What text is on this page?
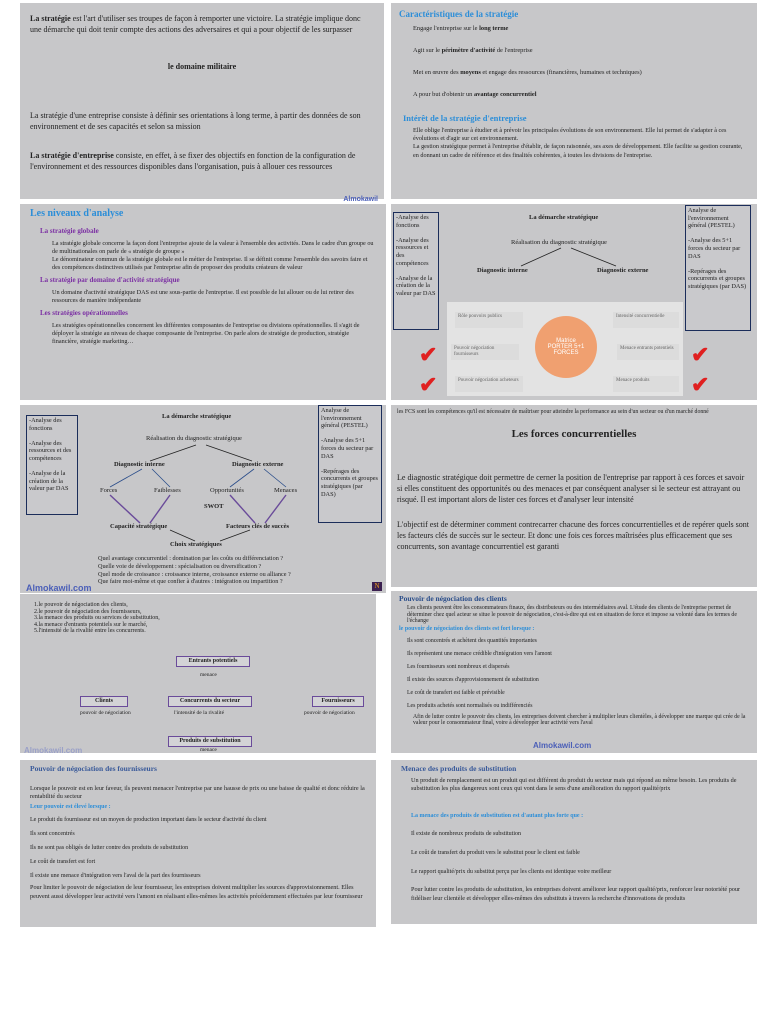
La stratégie est l'art d'utiliser ses troupes de façon à remporter une victoire. La stratégie implique donc une démarche qui doit tenir compte des actions des adversaires et qui a pour objectif de les surpasser

le domaine militaire

La stratégie d'une entreprise consiste à définir ses orientations à long terme, à partir des données de son environnement et de ses capacités et selon sa mission

La stratégie d'entreprise consiste, en effet, à se fixer des objectifs en fonction de la configuration de l'environnement et des ressources disponibles dans l'organisation, puis à allouer ces ressources

Almokawil

Caractéristiques de la stratégie

Engage l'entreprise sur le long terme

Agit sur le périmètre d'activité de l'entreprise

Met en œuvre des moyens et engage des ressources (financières, humaines et techniques)

A pour but d'obtenir un avantage concurrentiel

Intérêt de la stratégie d'entreprise

Elle oblige l'entreprise à étudier et à prévoir les principales évolutions de son environnement. Elle lui permet de s'adapter à ces évolutions et d'agir sur cet environnement.

La gestion stratégique permet à l'entreprise d'établir, de façon raisonnée, ses axes de développement. Elle facilite sa gestion courante, en donnant un cadre de référence et des finalités cohérentes, à toutes les divisions de l'entreprise.

Les niveaux d'analyse

La stratégie globale

La stratégie globale concerne la façon dont l'entreprise ajoute de la valeur à l'ensemble des activités. Dans le cadre d'un groupe ou de multinationales on parle de « stratégie de groupe »

Le dénominateur commun de la stratégie globale est le métier de l'entreprise. Il se définit comme l'ensemble des savoirs faire et des compétences distinctives utilisés par l'entreprise afin de proposer des produits créateurs de valeur

La stratégie par domaine d'activité stratégique

Un domaine d'activité stratégique DAS est une sous-partie de l'entreprise. Il est possible de lui allouer ou de lui retirer des ressources de manière indépendante

Les stratégies opérationnelles

Les stratégies opérationnelles concernent les différentes composantes de l'entreprise ou divisions opérationnelles. Il s'agit de déployer la stratégie au niveau de chaque composante de l'entreprise. On parle alors de stratégie de production, stratégie financière, stratégie marketing…

-Analyse des fonctions

-Analyse des ressources et des compétences

-Analyse de la création de la valeur par DAS
La démarche stratégique
Réalisation du diagnostic stratégique
Diagnostic interne	Diagnostic externe
Analyse de l'environnement général (PESTEL)

-Analyse des 5+1 forces du secteur par DAS

-Repérages des concurrents et groupes stratégiques (par DAS)
Rôle pouvoirs publics
Pouvoir négociation fournisseurs
Pouvoir négociation acheteurs
Intensité concurrentielle
Menace entrants potentiels
Menace produits
Matrice PORTER 5+1 FORCES
✔
✔
✔
✔
-Analyse des fonctions

-Analyse des ressources et des compétences

-Analyse de la création de la valeur par DAS
La démarche stratégique
Réalisation du diagnostic stratégique
Diagnostic interne	Diagnostic externe
Analyse de l'environnement général (PESTEL)

-Analyse des 5+1 forces du secteur par DAS

-Repérages des concurrents et groupes stratégiques (par DAS)
Forces	Faiblesses	Opportunités	Menaces
SWOT
Capacité stratégique	Facteurs clés de succès
Choix stratégiques
Quel avantage concurrentiel : domination par les coûts ou différenciation ?
Quelle voie de développement : spécialisation ou diversification ?
Quel mode de croissance : croissance interne, croissance externe ou alliance ?
Que faire moi-même et que confier à d'autres : intégration ou impartition ?
Almokawil.com	N

les FCS sont les compétences qu'il est nécessaire de maîtriser pour atteindre la performance au sein d'un secteur ou d'un marché donné

Les forces concurrentielles

Le diagnostic stratégique doit permettre de cerner la position de l'entreprise par rapport à ces forces et savoir si elles constituent des opportunités ou des menaces et par conséquent analyser si le secteur est attrayant ou risqué. Il est important alors de lister ces forces et d'analyser leur intensité

L'objectif est de déterminer comment contrecarrer chacune des forces concurrentielles et de repérer quels sont les facteurs clés de succès sur le secteur. Et donc une fois ces forces maîtrisées plus efficacement que ses concurrents, son avantage concurrentiel est garanti

1.le pouvoir de négociation des clients,
2.le pouvoir de négociation des fournisseurs,
3.la menace des produits ou services de substitution,
4.la menace d'entrants potentiels sur le marché,
5.l'intensité de la rivalité entre les concurrents.
Entrants potentiels
menace
Clients	Concurrents du secteur	Fournisseurs
pouvoir de négociation	l'intensité de la rivalité	pouvoir de négociation
Produits de substitution
menace
Almokawil.com

Pouvoir de négociation des clients

Les clients peuvent être les consommateurs finaux, des distributeurs ou des intermédiaires aval. L'étude des clients de l'entreprise permet de déterminer chez quel acteur se situe le pouvoir de négociation, c'est-à-dire qui est en situation de force et impose sa volonté dans les termes de l'échange

le pouvoir de négociation des clients est fort lorsque :

Ils sont concentrés et achètent des quantités importantes

Ils représentent une menace crédible d'intégration vers l'amont

Les fournisseurs sont nombreux et dispersés

Il existe des sources d'approvisionnement de substitution

Le coût de transfert est faible et prévisible

Les produits achetés sont normalisés ou indifférenciés

Afin de lutter contre le pouvoir des clients, les entreprises doivent chercher à multiplier leurs clientèles, à développer une marque qui crée de la valeur pour le consommateur final, voire à développer leur activité vers l'aval

Almokawil.com

Pouvoir de négociation des fournisseurs

Lorsque le pouvoir est en leur faveur, ils peuvent menacer l'entreprise par une hausse de prix ou une baisse de qualité et donc réduire la rentabilité du secteur

Leur pouvoir est élevé lorsque :

Le produit du fournisseur est un moyen de production important dans le secteur d'activité du client

Ils sont concentrés

Ils ne sont pas obligés de lutter contre des produits de substitution

Le coût de transfert est fort

Il existe une menace d'intégration vers l'aval de la part des fournisseurs

Pour limiter le pouvoir de négociation de leur fournisseur, les entreprises doivent multiplier les sources d'approvisionnement. Elles peuvent aussi développer leur activité vers l'amont en réalisant elles-mêmes les activités précédemment effectuées par leur fournisseur

Menace des produits de substitution

Un produit de remplacement est un produit qui est différent du produit du secteur mais qui répond au même besoin. Les produits de substitution les plus dangereux sont ceux qui vont dans le sens d'une amélioration du rapport qualité/prix

La menace des produits de substitution est d'autant plus forte que :

Il existe de nombreux produits de substitution

Le coût de transfert du produit vers le substitut pour le client est faible

Le rapport qualité/prix du substitut perçu par les clients est identique voire meilleur

Pour lutter contre les produits de substitution, les entreprises doivent améliorer leur rapport qualité/prix, renforcer leur notoriété pour fidéliser leur clientèle et développer elles-mêmes des substituts à travers la recherche d'innovations de produits
